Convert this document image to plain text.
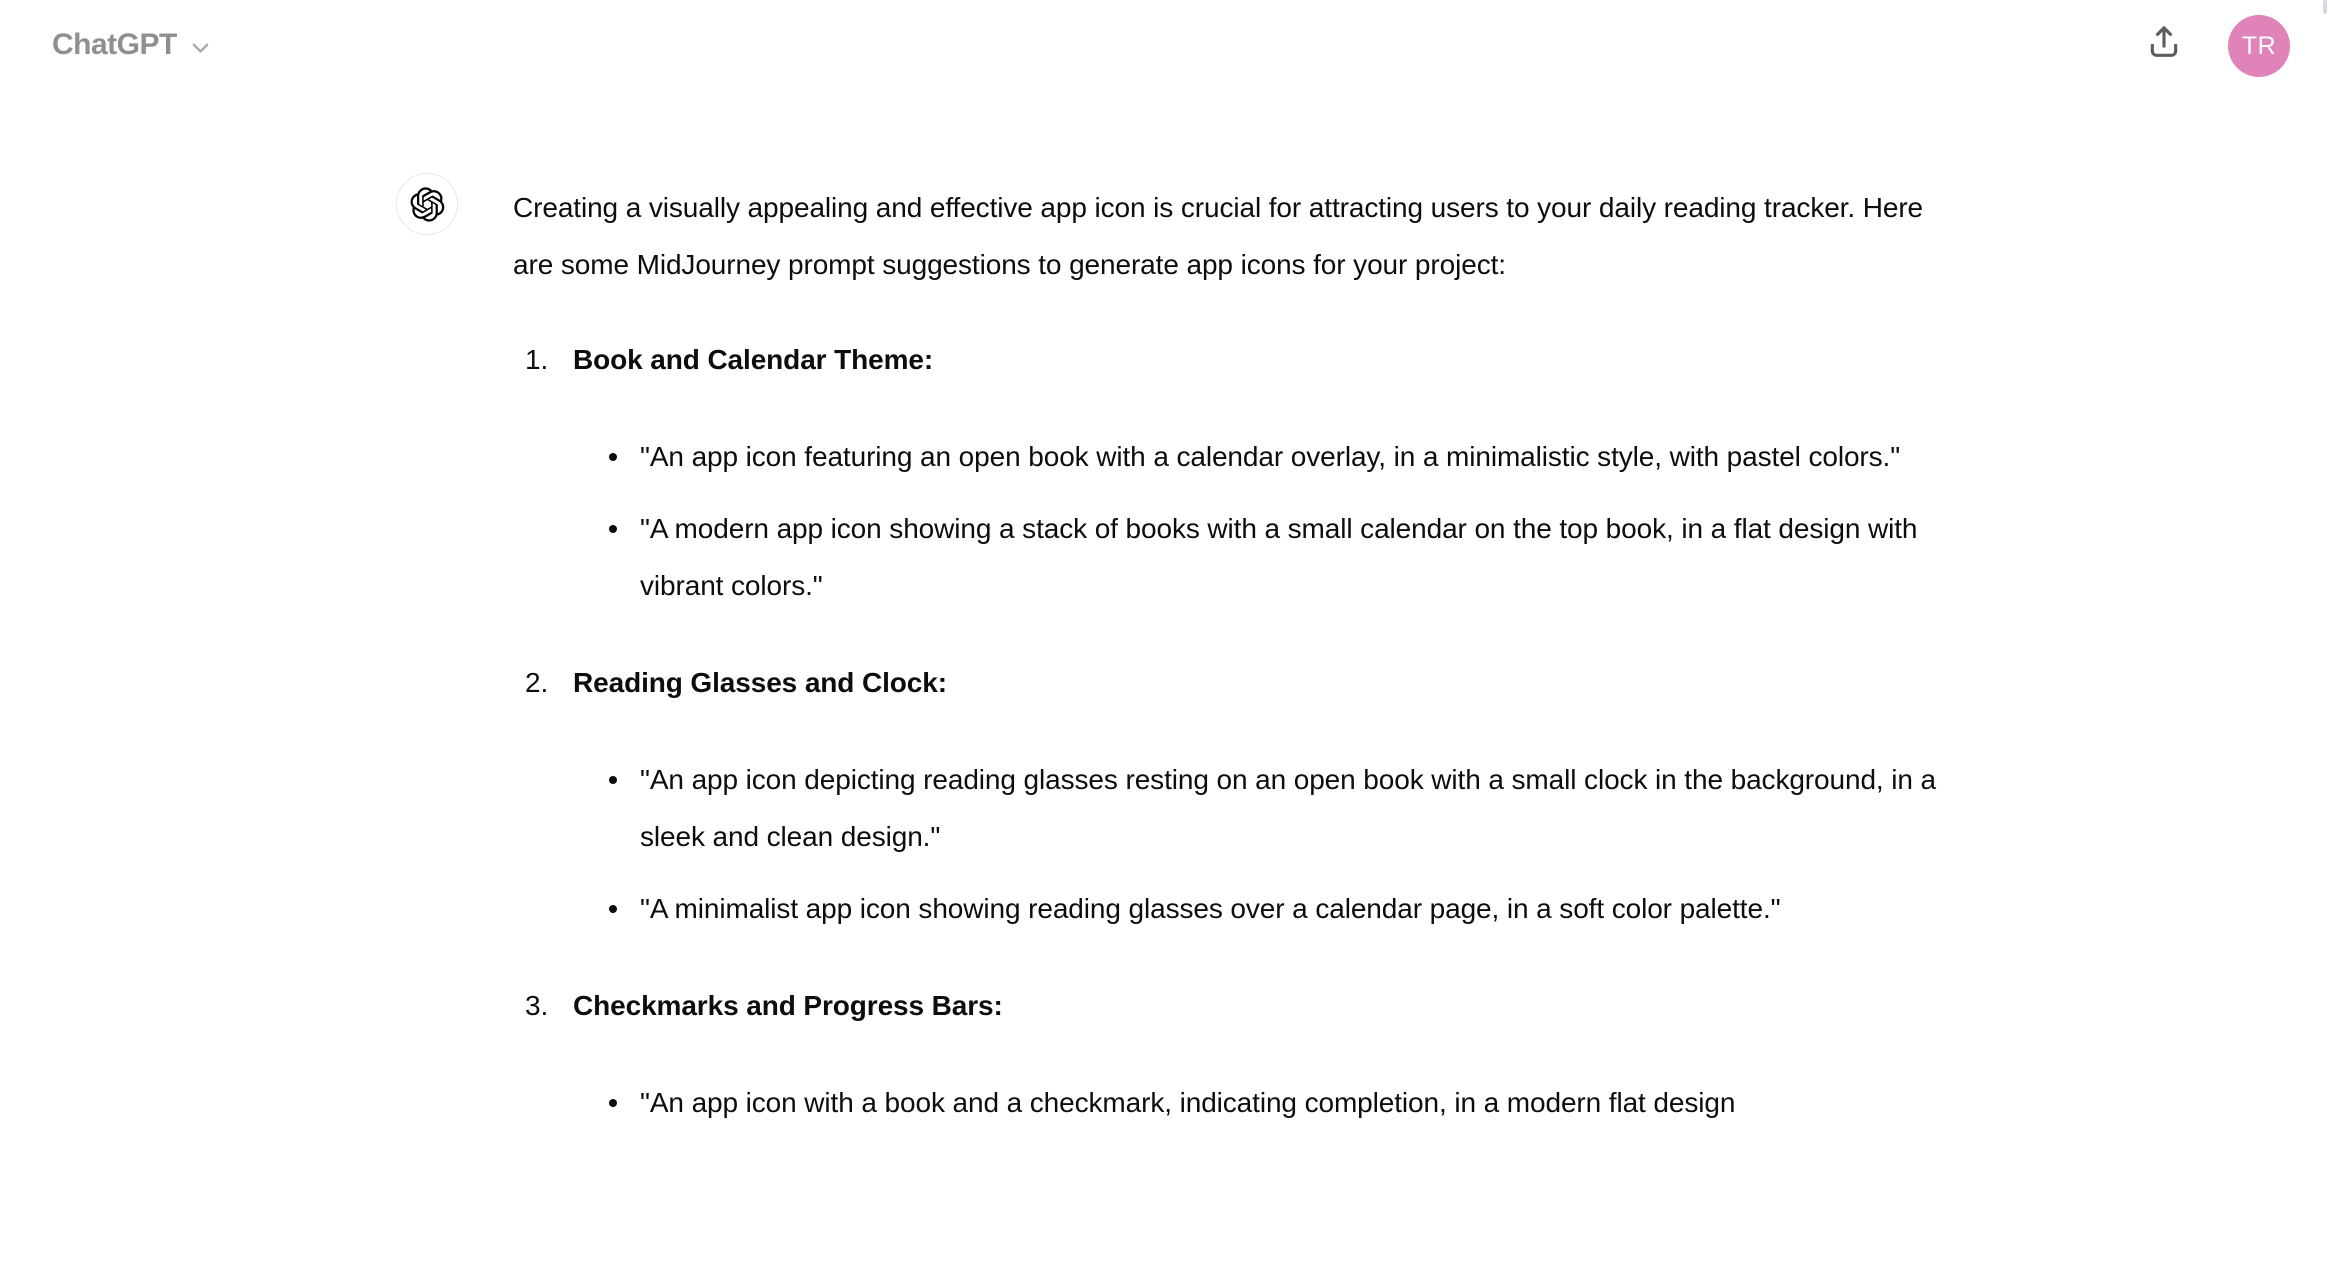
ChatGPT	TR

Creating a visually appealing and effective app icon is crucial for attracting users to your daily reading tracker. Here are some MidJourney prompt suggestions to generate app icons for your project:

1. Book and Calendar Theme:
"An app icon featuring an open book with a calendar overlay, in a minimalistic style, with pastel colors."
"A modern app icon showing a stack of books with a small calendar on the top book, in a flat design with vibrant colors."
2. Reading Glasses and Clock:
"An app icon depicting reading glasses resting on an open book with a small clock in the background, in a sleek and clean design."
"A minimalist app icon showing reading glasses over a calendar page, in a soft color palette."
3. Checkmarks and Progress Bars:
"An app icon with a book and a checkmark, indicating completion, in a modern flat design
